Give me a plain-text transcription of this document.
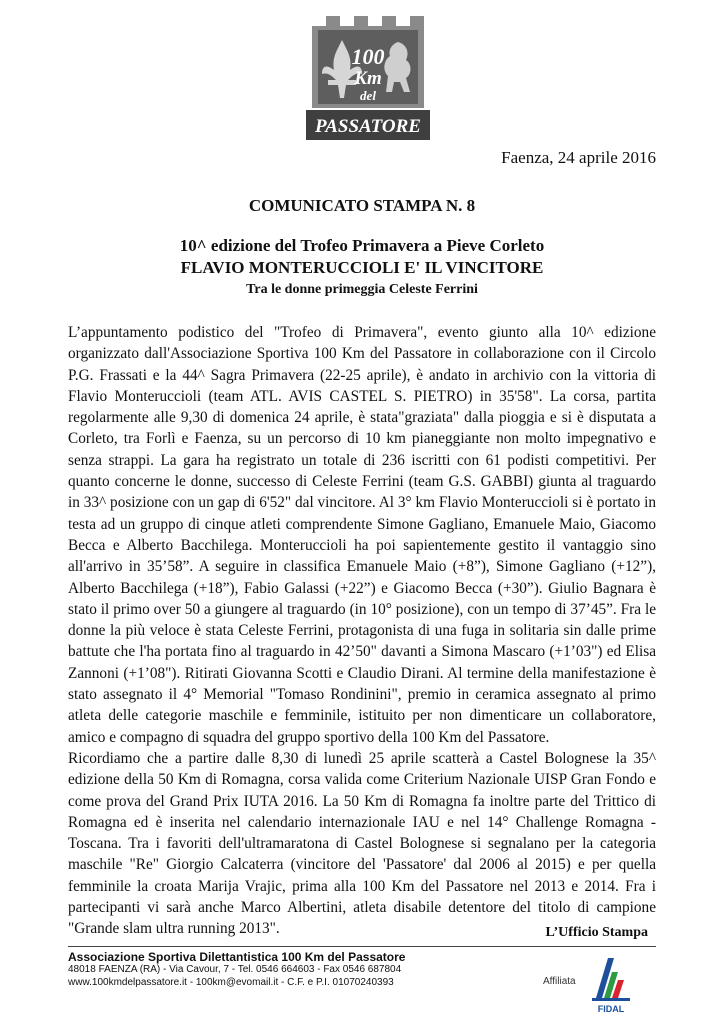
100
Km
del
PASSATORE
Faenza, 24 aprile 2016
COMUNICATO STAMPA N. 8
10^ edizione del Trofeo Primavera a Pieve Corleto
FLAVIO MONTERUCCIOLI E' IL VINCITORE
Tra le donne primeggia Celeste Ferrini

L’appuntamento podistico del "Trofeo di Primavera", evento giunto alla 10^ edizione organizzato dall'Associazione Sportiva 100 Km del Passatore in collaborazione con il Circolo P.G. Frassati e la 44^ Sagra Primavera (22-25 aprile), è andato in archivio con la vittoria di Flavio Monteruccioli (team ATL. AVIS CASTEL S. PIETRO) in 35'58". La corsa, partita regolarmente alle 9,30 di domenica 24 aprile, è stata"graziata" dalla pioggia e si è disputata a Corleto, tra Forlì e Faenza, su un percorso di 10 km pianeggiante non molto impegnativo e senza strappi. La gara ha registrato un totale di 236 iscritti con 61 podisti competitivi. Per quanto concerne le donne, successo di Celeste Ferrini (team G.S. GABBI) giunta al traguardo in 33^ posizione con un gap di 6'52" dal vincitore. Al 3° km Flavio Monteruccioli si è portato in testa ad un gruppo di cinque atleti comprendente Simone Gagliano, Emanuele Maio, Giacomo Becca e Alberto Bacchilega. Monteruccioli ha poi sapientemente gestito il vantaggio sino all'arrivo in 35’58”. A seguire in classifica Emanuele Maio (+8”), Simone Gagliano (+12”), Alberto Bacchilega (+18”), Fabio Galassi (+22”) e Giacomo Becca (+30”). Giulio Bagnara è stato il primo over 50 a giungere al traguardo (in 10° posizione), con un tempo di 37’45”. Fra le donne la più veloce è stata Celeste Ferrini, protagonista di una fuga in solitaria sin dalle prime battute che l'ha portata fino al traguardo in 42’50" davanti a Simona Mascaro (+1’03") ed Elisa Zannoni (+1’08"). Ritirati Giovanna Scotti e Claudio Dirani. Al termine della manifestazione è stato assegnato il 4° Memorial "Tomaso Rondinini", premio in ceramica assegnato al primo atleta delle categorie maschile e femminile, istituito per non dimenticare un collaboratore, amico e compagno di squadra del gruppo sportivo della 100 Km del Passatore.

Ricordiamo che a partire dalle 8,30 di lunedì 25 aprile scatterà a Castel Bolognese la 35^ edizione della 50 Km di Romagna, corsa valida come Criterium Nazionale UISP Gran Fondo e come prova del Grand Prix IUTA 2016. La 50 Km di Romagna fa inoltre parte del Trittico di Romagna ed è inserita nel calendario internazionale IAU e nel 14° Challenge Romagna - Toscana. Tra i favoriti dell'ultramaratona di Castel Bolognese si segnalano per la categoria maschile "Re" Giorgio Calcaterra (vincitore del 'Passatore' dal 2006 al 2015) e per quella femminile la croata Marija Vrajic, prima alla 100 Km del Passatore nel 2013 e 2014. Fra i partecipanti vi sarà anche Marco Albertini, atleta disabile detentore del titolo di campione "Grande slam ultra running 2013".	L’Ufficio Stampa
Associazione Sportiva Dilettantistica 100 Km del Passatore
48018 FAENZA (RA) - Via Cavour, 7 - Tel. 0546 664603 - Fax 0546 687804
www.100kmdelpassatore.it - 100km@evomail.it - C.F. e P.I. 01070240393	Affiliata
FIDAL
